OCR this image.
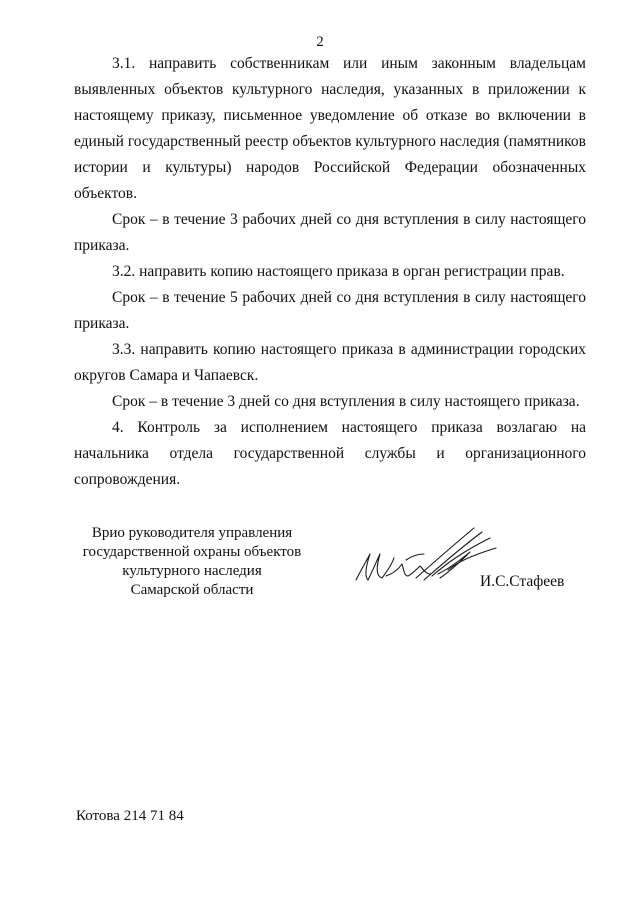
2

3.1. направить собственникам или иным законным владельцам выявленных объектов культурного наследия, указанных в приложении к настоящему приказу, письменное уведомление об отказе во включении в единый государственный реестр объектов культурного наследия (памятников истории и культуры) народов Российской Федерации обозначенных объектов.

Срок – в течение 3 рабочих дней со дня вступления в силу настоящего приказа.

3.2. направить копию настоящего приказа в орган регистрации прав.

Срок – в течение 5 рабочих дней со дня вступления в силу настоящего приказа.

3.3. направить копию настоящего приказа в администрации городских округов Самара и Чапаевск.

Срок – в течение 3 дней со дня вступления в силу настоящего приказа.

4. Контроль за исполнением настоящего приказа возлагаю на начальника отдела государственной службы и организационного сопровождения.

Врио руководителя управления
государственной охраны объектов
культурного наследия
Самарской области	И.С.Стафеев
Котова 214 71 84
